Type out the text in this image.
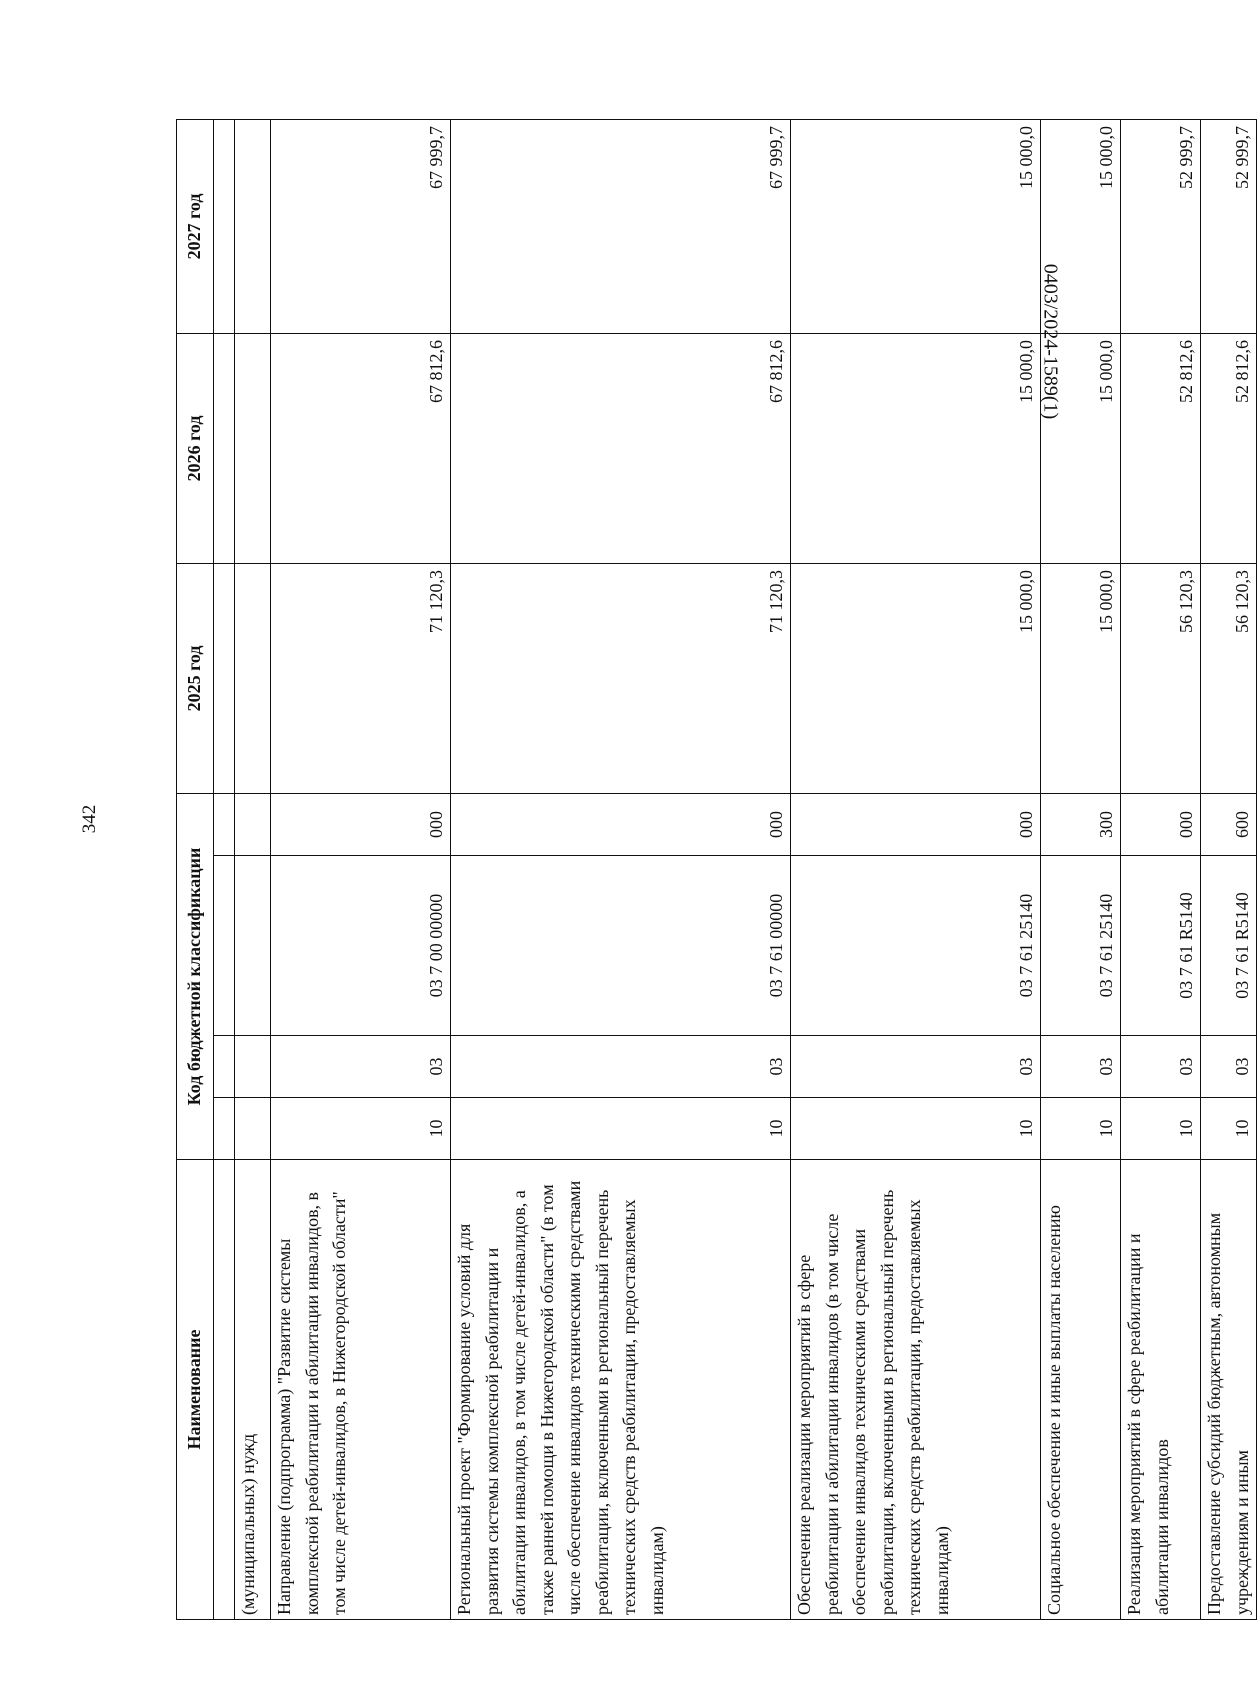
342
Наименование	Код бюджетной классификации				2025 год	2026 год	2027 год

(муниципальных) нужд							
Направление (подпрограмма) "Развитие системы комплексной реабилитации и абилитации инвалидов, в том числе детей-инвалидов, в Нижегородской области"	10	03	03 7 00 00000	000	71 120,3	67 812,6	67 999,7
Региональный проект "Формирование условий для развития системы комплексной реабилитации и абилитации инвалидов, в том числе детей-инвалидов, а также ранней помощи в Нижегородской области" (в том числе обеспечение инвалидов техническими средствами реабилитации, включенными в региональный перечень технических средств реабилитации, предоставляемых инвалидам)	10	03	03 7 61 00000	000	71 120,3	67 812,6	67 999,7
Обеспечение реализации мероприятий в сфере реабилитации и абилитации инвалидов (в том числе обеспечение инвалидов техническими средствами реабилитации, включенными в региональный перечень технических средств реабилитации, предоставляемых инвалидам)	10	03	03 7 61 25140	000	15 000,0	15 000,0	15 000,0
Социальное обеспечение и иные выплаты населению	10	03	03 7 61 25140	300	15 000,0	15 000,0	15 000,0
Реализация мероприятий в сфере реабилитации и абилитации инвалидов	10	03	03 7 61 R5140	000	56 120,3	52 812,6	52 999,7
Предоставление субсидий бюджетным, автономным учреждениям и иным	10	03	03 7 61 R5140	600	56 120,3	52 812,6	52 999,7
0403/2024-1589(1)
